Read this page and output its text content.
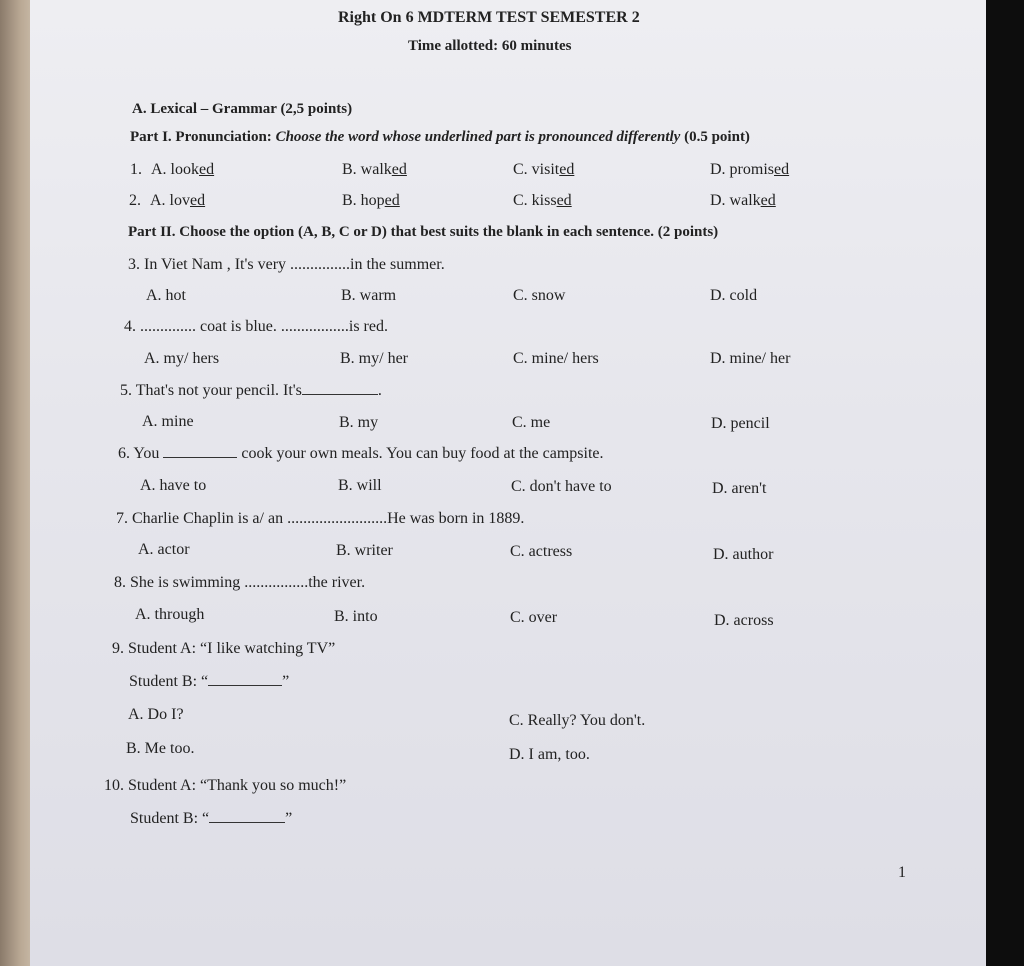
Right On 6 MDTERM TEST SEMESTER 2
Time allotted: 60 minutes
A. Lexical – Grammar (2,5 points)
Part I. Pronunciation: Choose the word whose underlined part is pronounced differently (0.5 point)
1. A. looked	B. walked	C. visited	D. promised
2. A. loved	B. hoped	C. kissed	D. walked
Part II. Choose the option (A, B, C or D) that best suits the blank in each sentence. (2 points)
3. In Viet Nam , It's very ...............in the summer.
A. hot	B. warm	C. snow	D. cold
4. .............. coat is blue. .................is red.
A. my/ hers	B. my/ her	C. mine/ hers	D. mine/ her
5. That's not your pencil. It's	.
A. mine	B. my	C. me	D. pencil
6. You	cook your own meals. You can buy food at the campsite.
A. have to	B. will	C. don't have to	D. aren't
7. Charlie Chaplin is a/ an .........................He was born in 1889.
A. actor	B. writer	C. actress	D. author
8. She is swimming ................the river.
A. through	B. into	C. over	D. across
9. Student A: “I like watching TV”
Student B: “	”
A. Do I?	C. Really? You don't.
B. Me too.	D. I am, too.
10. Student A: “Thank you so much!”
Student B: “	”
1
